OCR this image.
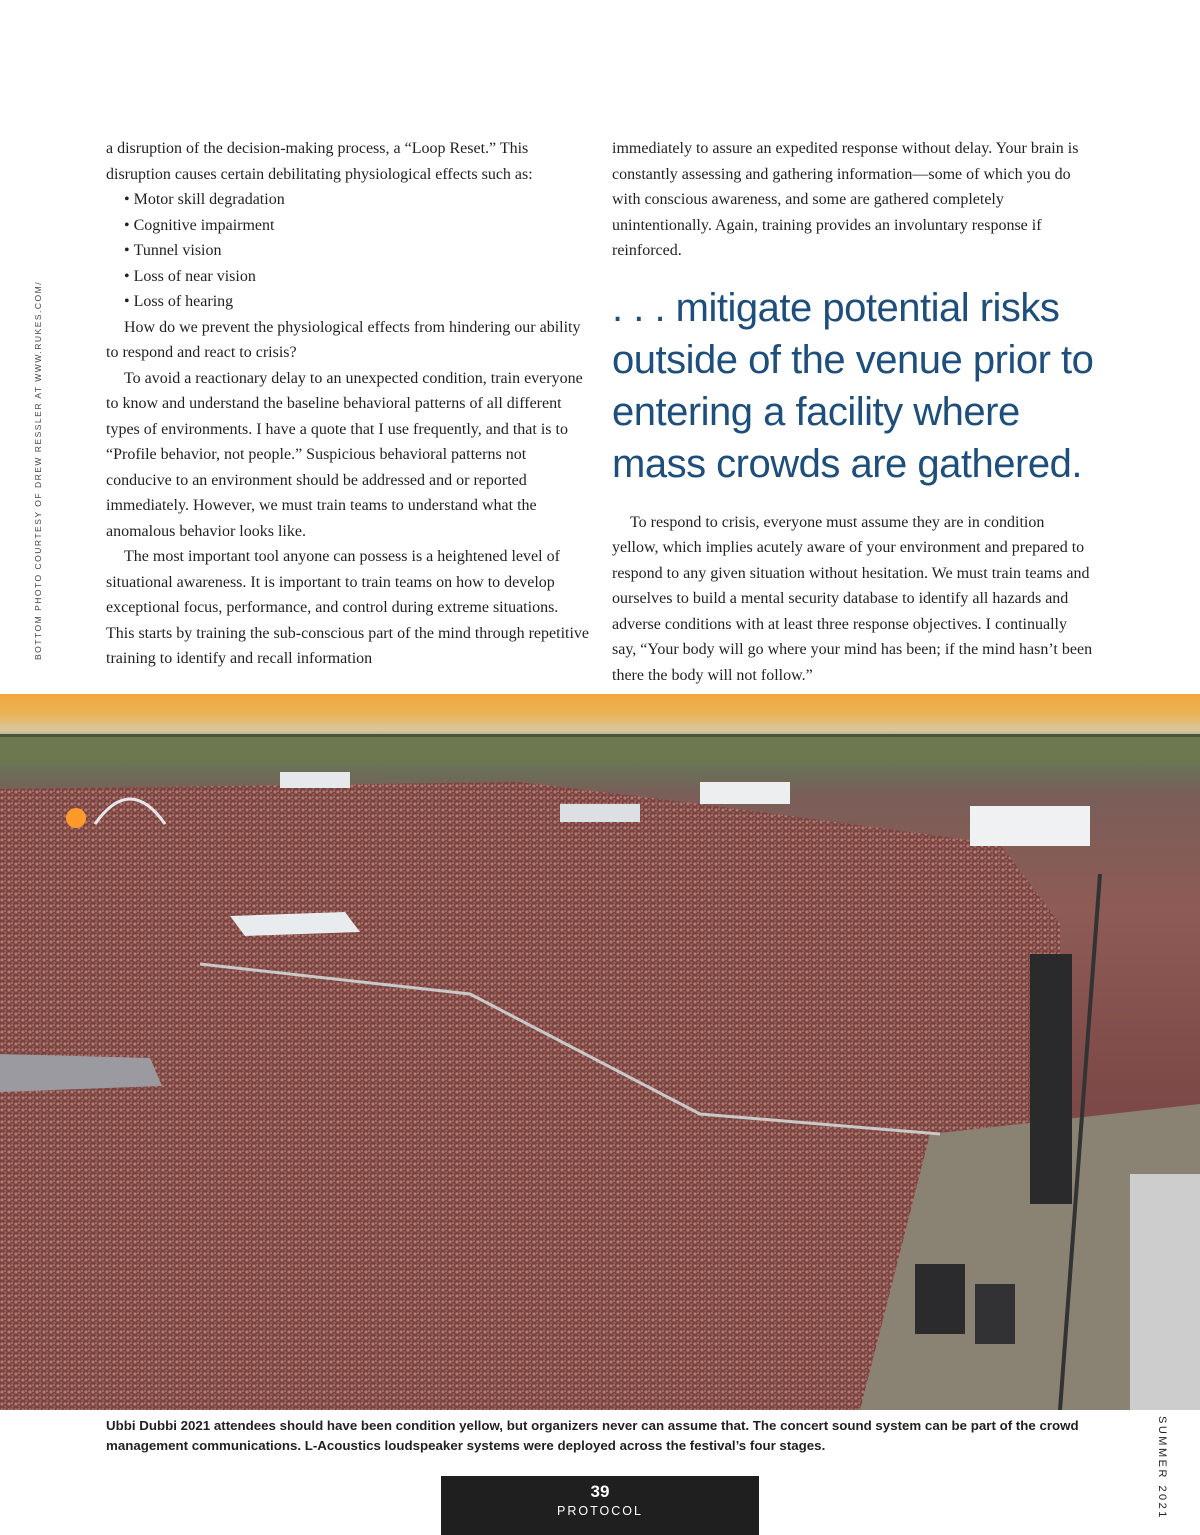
BOTTOM PHOTO COURTESY OF DREW RESSLER AT WWW.RUKES.COM/

a disruption of the decision-making process, a “Loop Reset.” This disruption causes certain debilitating physiological effects such as:

• Motor skill degradation
• Cognitive impairment
• Tunnel vision
• Loss of near vision
• Loss of hearing

How do we prevent the physiological effects from hindering our ability to respond and react to crisis?

To avoid a reactionary delay to an unexpected condition, train everyone to know and understand the baseline behavioral patterns of all different types of environments. I have a quote that I use frequently, and that is to “Profile behavior, not people.” Suspicious behavioral patterns not conducive to an environment should be addressed and or reported immediately. However, we must train teams to understand what the anomalous behavior looks like.

The most important tool anyone can possess is a heightened level of situational awareness. It is important to train teams on how to develop exceptional focus, performance, and control during extreme situations. This starts by training the sub-conscious part of the mind through repetitive training to identify and recall information

immediately to assure an expedited response without delay. Your brain is constantly assessing and gathering information—some of which you do with conscious awareness, and some are gathered completely unintentionally. Again, training provides an involuntary response if reinforced.

. . . mitigate potential risks outside of the venue prior to entering a facility where mass crowds are gathered.

To respond to crisis, everyone must assume they are in condition yellow, which implies acutely aware of your environment and prepared to respond to any given situation without hesitation. We must train teams and ourselves to build a mental security database to identify all hazards and adverse conditions with at least three response objectives. I continually say, “Your body will go where your mind has been; if the mind hasn’t been there the body will not follow.”

Ubbi Dubbi 2021 attendees should have been condition yellow, but organizers never can assume that. The concert sound system can be part of the crowd management communications. L-Acoustics loudspeaker systems were deployed across the festival’s four stages.	SUMMER 2021
39
PROTOCOL
